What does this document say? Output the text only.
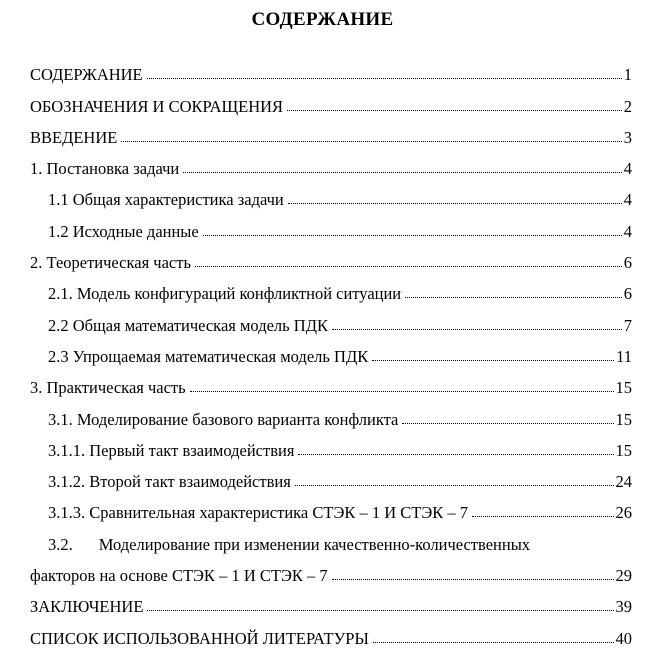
СОДЕРЖАНИЕ
СОДЕРЖАНИЕ	1
ОБОЗНАЧЕНИЯ И СОКРАЩЕНИЯ	2
ВВЕДЕНИЕ	3
1. Постановка задачи	4
1.1 Общая характеристика задачи	4
1.2 Исходные данные	4
2. Теоретическая часть	6
2.1. Модель конфигураций конфликтной ситуации	6
2.2 Общая математическая модель ПДК	7
2.3 Упрощаемая математическая модель ПДК	11
3. Практическая часть	15
3.1. Моделирование базового варианта конфликта	15
3.1.1. Первый такт взаимодействия	15
3.1.2. Второй такт взаимодействия	24
3.1.3. Сравнительная характеристика СТЭК – 1 И СТЭК – 7	26
3.2. Моделирование при изменении качественно-количественных
факторов на основе СТЭК – 1 И СТЭК – 7	29
ЗАКЛЮЧЕНИЕ	39
СПИСОК ИСПОЛЬЗОВАННОЙ ЛИТЕРАТУРЫ	40
